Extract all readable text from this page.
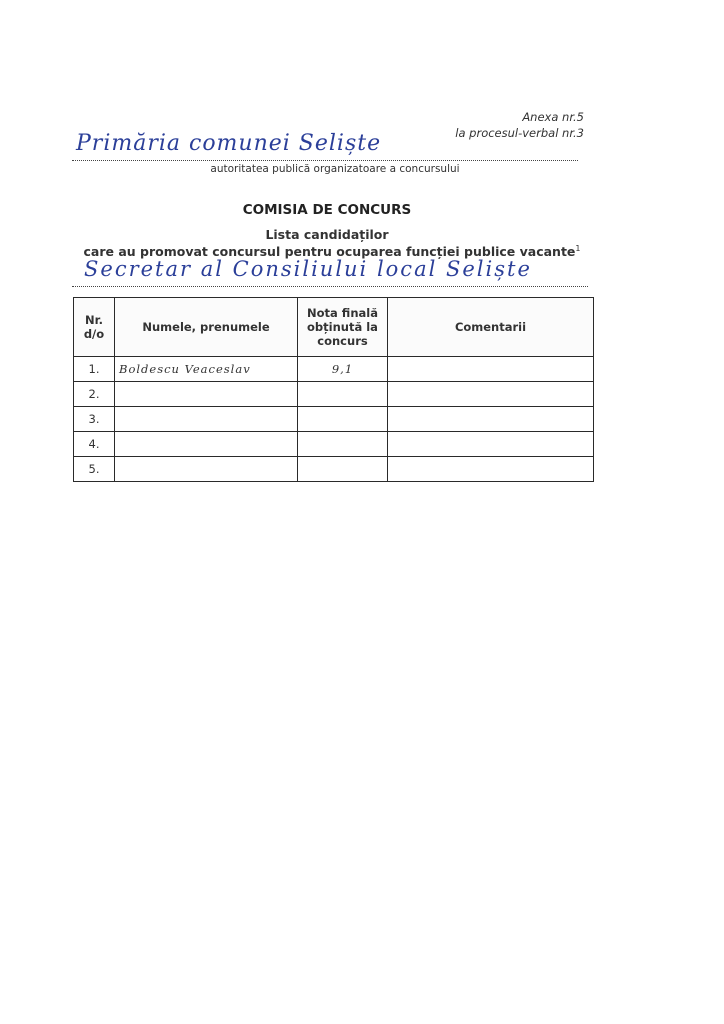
Anexa nr.5
la procesul-verbal nr.3
Primăria comunei Seliște
autoritatea publică organizatoare a concursului
COMISIA DE CONCURS
Lista candidaților
care au promovat concursul pentru ocuparea funcției publice vacante$^1$
Secretar al Consiliului local Seliște
Nr. d/o	Numele, prenumele	Nota finală obținută la concurs	Comentarii
1.	Boldescu Veaceslav	9,1	
2.			
3.			
4.			
5.			
